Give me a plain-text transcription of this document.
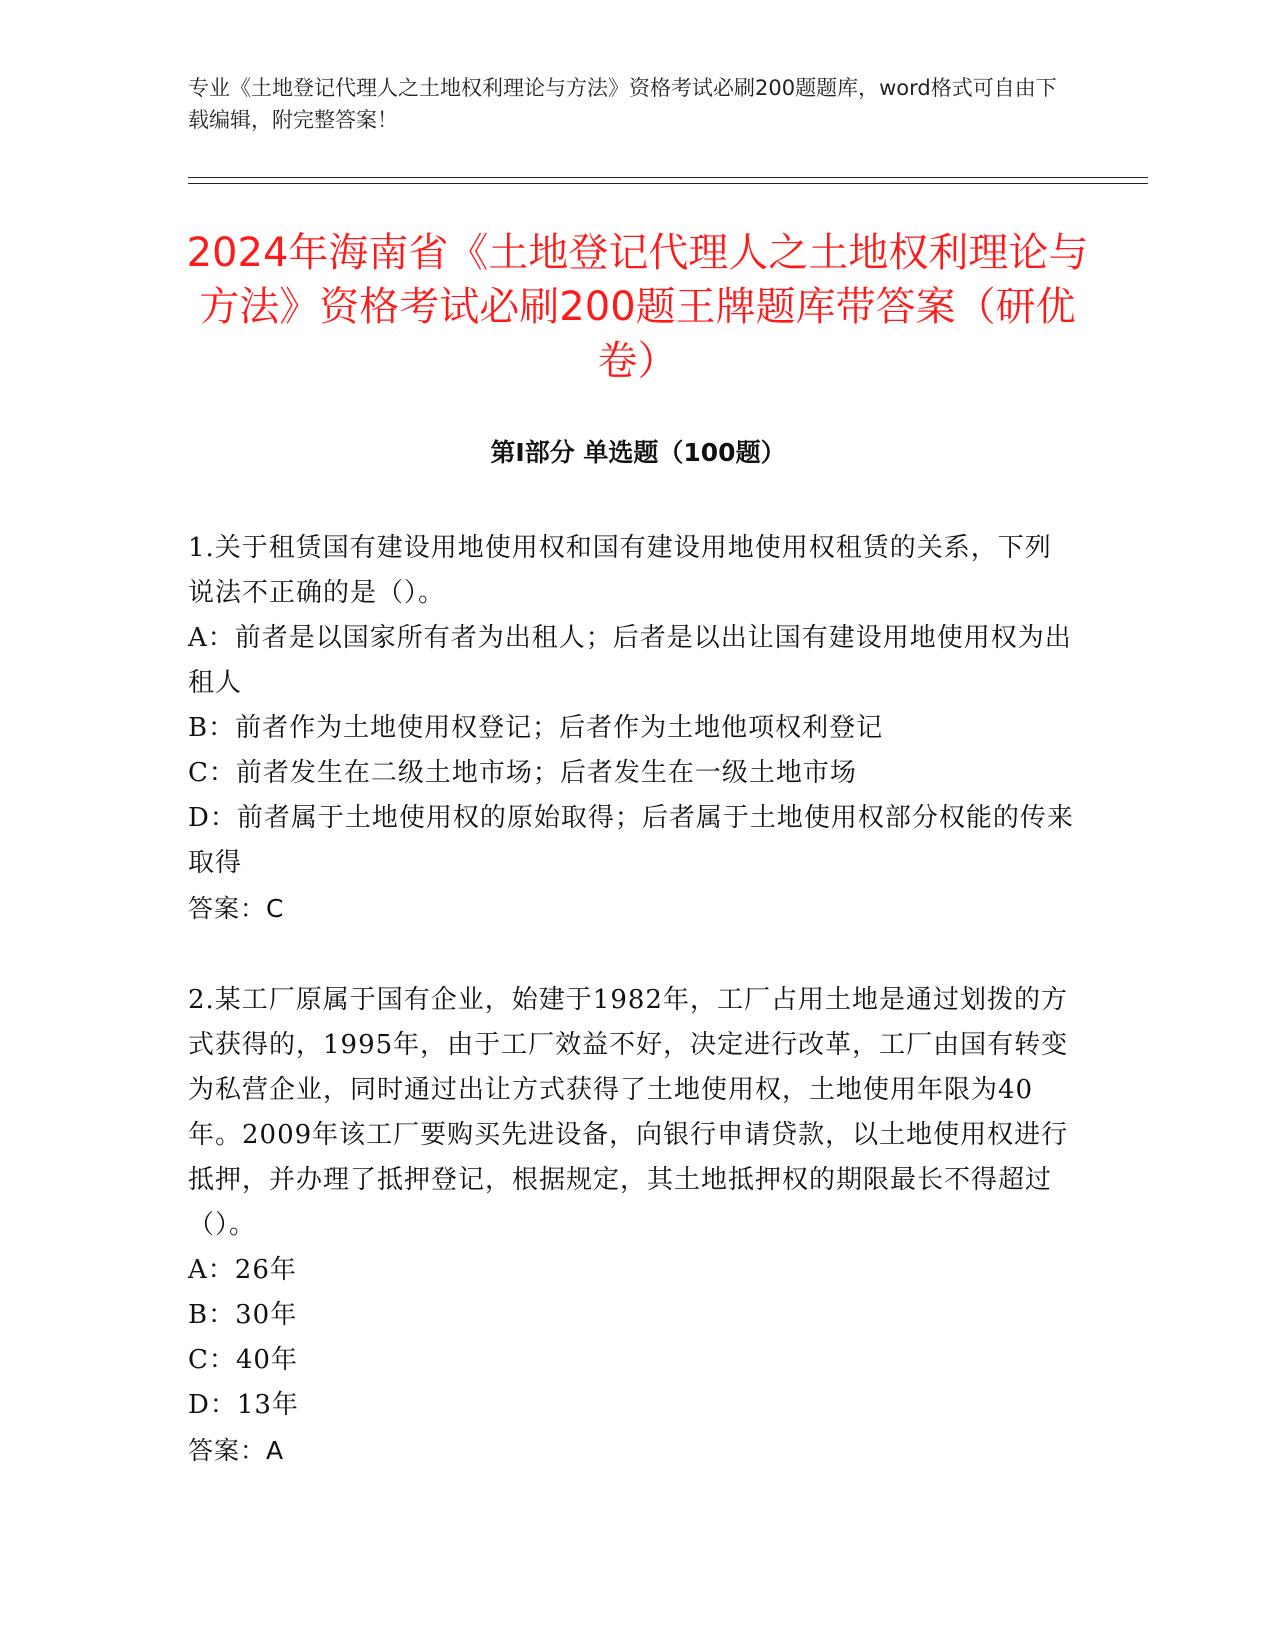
专业《土地登记代理人之土地权利理论与方法》资格考试必刷200题题库，word格式可自由下载编辑，附完整答案！
2024年海南省《土地登记代理人之土地权利理论与方法》资格考试必刷200题王牌题库带答案（研优卷）
第I部分 单选题（100题）

1.关于租赁国有建设用地使用权和国有建设用地使用权租赁的关系，下列说法不正确的是（）。

A：前者是以国家所有者为出租人；后者是以出让国有建设用地使用权为出租人

B：前者作为土地使用权登记；后者作为土地他项权利登记

C：前者发生在二级土地市场；后者发生在一级土地市场

D：前者属于土地使用权的原始取得；后者属于土地使用权部分权能的传来取得

答案：C

2.某工厂原属于国有企业，始建于1982年，工厂占用土地是通过划拨的方式获得的，1995年，由于工厂效益不好，决定进行改革，工厂由国有转变为私营企业，同时通过出让方式获得了土地使用权，土地使用年限为40年。2009年该工厂要购买先进设备，向银行申请贷款，以土地使用权进行抵押，并办理了抵押登记，根据规定，其土地抵押权的期限最长不得超过（）。

A：26年

B：30年

C：40年

D：13年

答案：A
